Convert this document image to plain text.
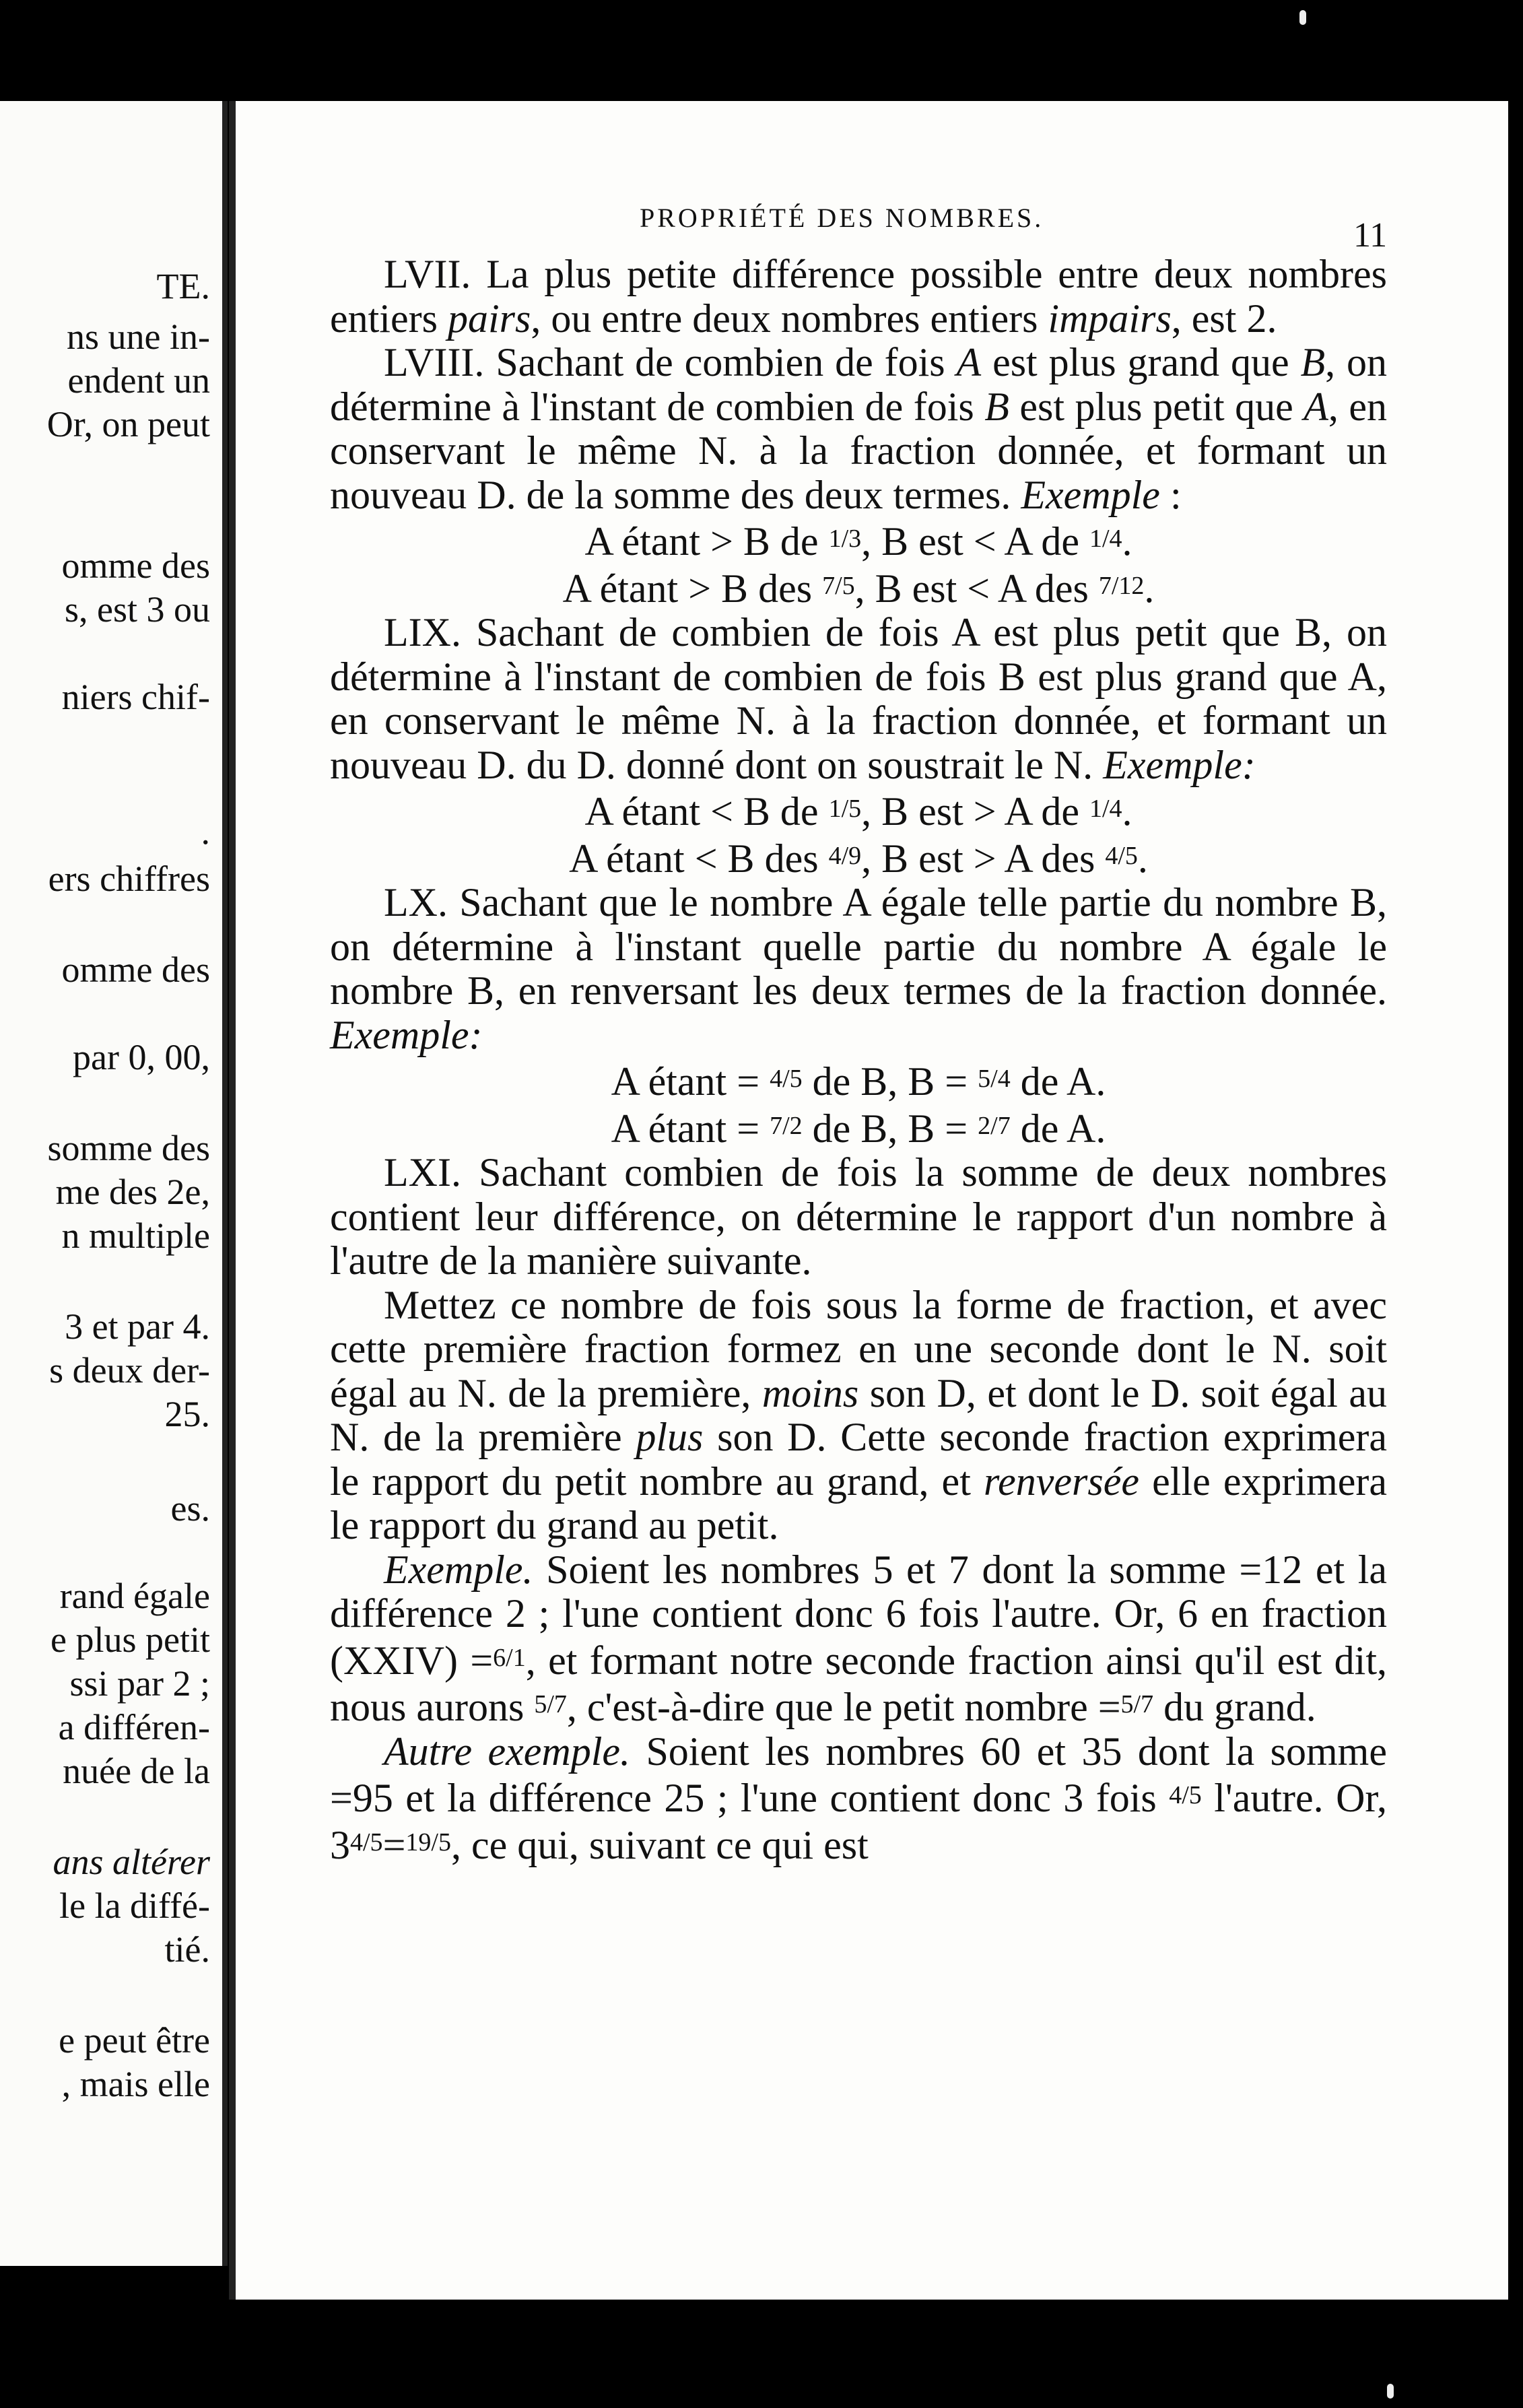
TE.
ns une in-
endent un
Or, on peut
omme des
s, est 3 ou
niers chif-
.
ers chiffres
omme des
par 0, 00,
somme des
me des 2e,
n multiple
3 et par 4.
s deux der-
25.
es.
rand égale
e plus petit
ssi par 2 ;
a différen-
nuée de la
ans altérer
le la diffé-
tié.
e peut être
, mais elle
PROPRIÉTÉ DES NOMBRES.	11

LVII. La plus petite différence possible entre deux nombres entiers pairs, ou entre deux nombres entiers impairs, est 2.

LVIII. Sachant de combien de fois A est plus grand que B, on détermine à l'instant de combien de fois B est plus petit que A, en conservant le même N. à la fraction donnée, et formant un nouveau D. de la somme des deux termes. Exemple :

A étant > B de $^{1/3}$, B est < A de $^{1/4}$.

A étant > B des $^{7/5}$, B est < A des $^{7/12}$.

LIX. Sachant de combien de fois A est plus petit que B, on détermine à l'instant de combien de fois B est plus grand que A, en conservant le même N. à la fraction donnée, et formant un nouveau D. du D. donné dont on soustrait le N. Exemple:

A étant < B de $^{1/5}$, B est > A de $^{1/4}$.

A étant < B des $^{4/9}$, B est > A des $^{4/5}$.

LX. Sachant que le nombre A égale telle partie du nombre B, on détermine à l'instant quelle partie du nombre A égale le nombre B, en renversant les deux termes de la fraction donnée. Exemple:

A étant = $^{4/5}$ de B, B = $^{5/4}$ de A.

A étant = $^{7/2}$ de B, B = $^{2/7}$ de A.

LXI. Sachant combien de fois la somme de deux nombres contient leur différence, on détermine le rapport d'un nombre à l'autre de la manière suivante.

Mettez ce nombre de fois sous la forme de fraction, et avec cette première fraction formez en une seconde dont le N. soit égal au N. de la première, moins son D, et dont le D. soit égal au N. de la première plus son D. Cette seconde fraction exprimera le rapport du petit nombre au grand, et renversée elle exprimera le rapport du grand au petit.

Exemple. Soient les nombres 5 et 7 dont la somme =12 et la différence 2 ; l'une contient donc 6 fois l'autre. Or, 6 en fraction (XXIV) =$^{6/1}$, et formant notre seconde fraction ainsi qu'il est dit, nous aurons $^{5/7}$, c'est-à-dire que le petit nombre =$^{5/7}$ du grand.

Autre exemple. Soient les nombres 60 et 35 dont la somme =95 et la différence 25 ; l'une contient donc 3 fois $^{4/5}$ l'autre. Or, $3^{4/5}=^{19/5}$, ce qui, suivant ce qui est
